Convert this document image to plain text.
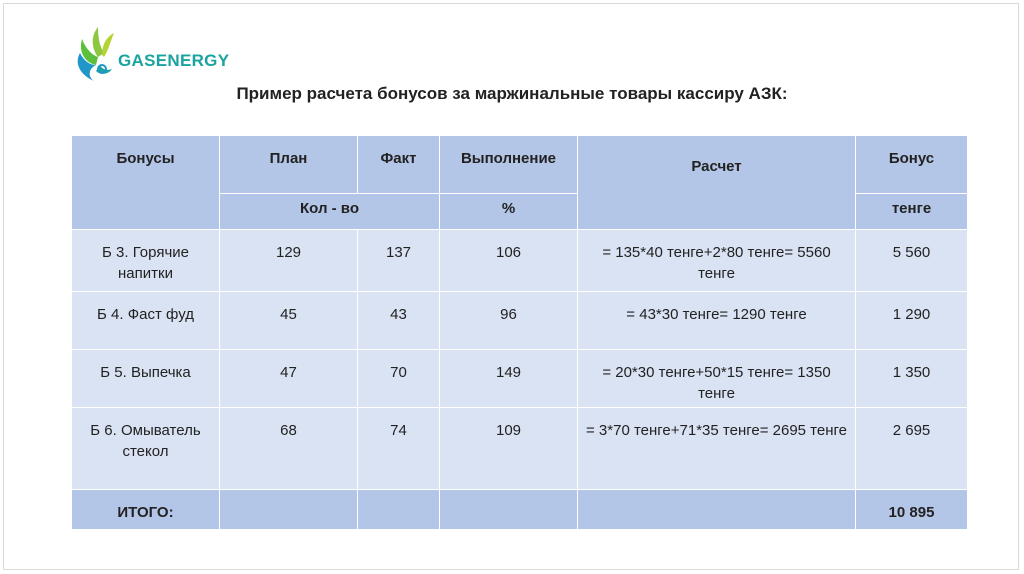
GASENERGY
Пример расчета бонусов за маржинальные товары кассиру АЗК:
Бонусы	План	Факт	Выполнение	Расчет	Бонус
	Кол - во		%		тенге
Б 3. Горячие напитки	129	137	106	= 135*40 тенге+2*80 тенге= 5560 тенге	5 560
Б 4. Фаст фуд	45	43	96	= 43*30 тенге= 1290 тенге	1 290
Б 5. Выпечка	47	70	149	= 20*30 тенге+50*15 тенге= 1350 тенге	1 350
Б 6. Омыватель стекол	68	74	109	= 3*70 тенге+71*35 тенге= 2695 тенге	2 695
ИТОГО:					10 895
